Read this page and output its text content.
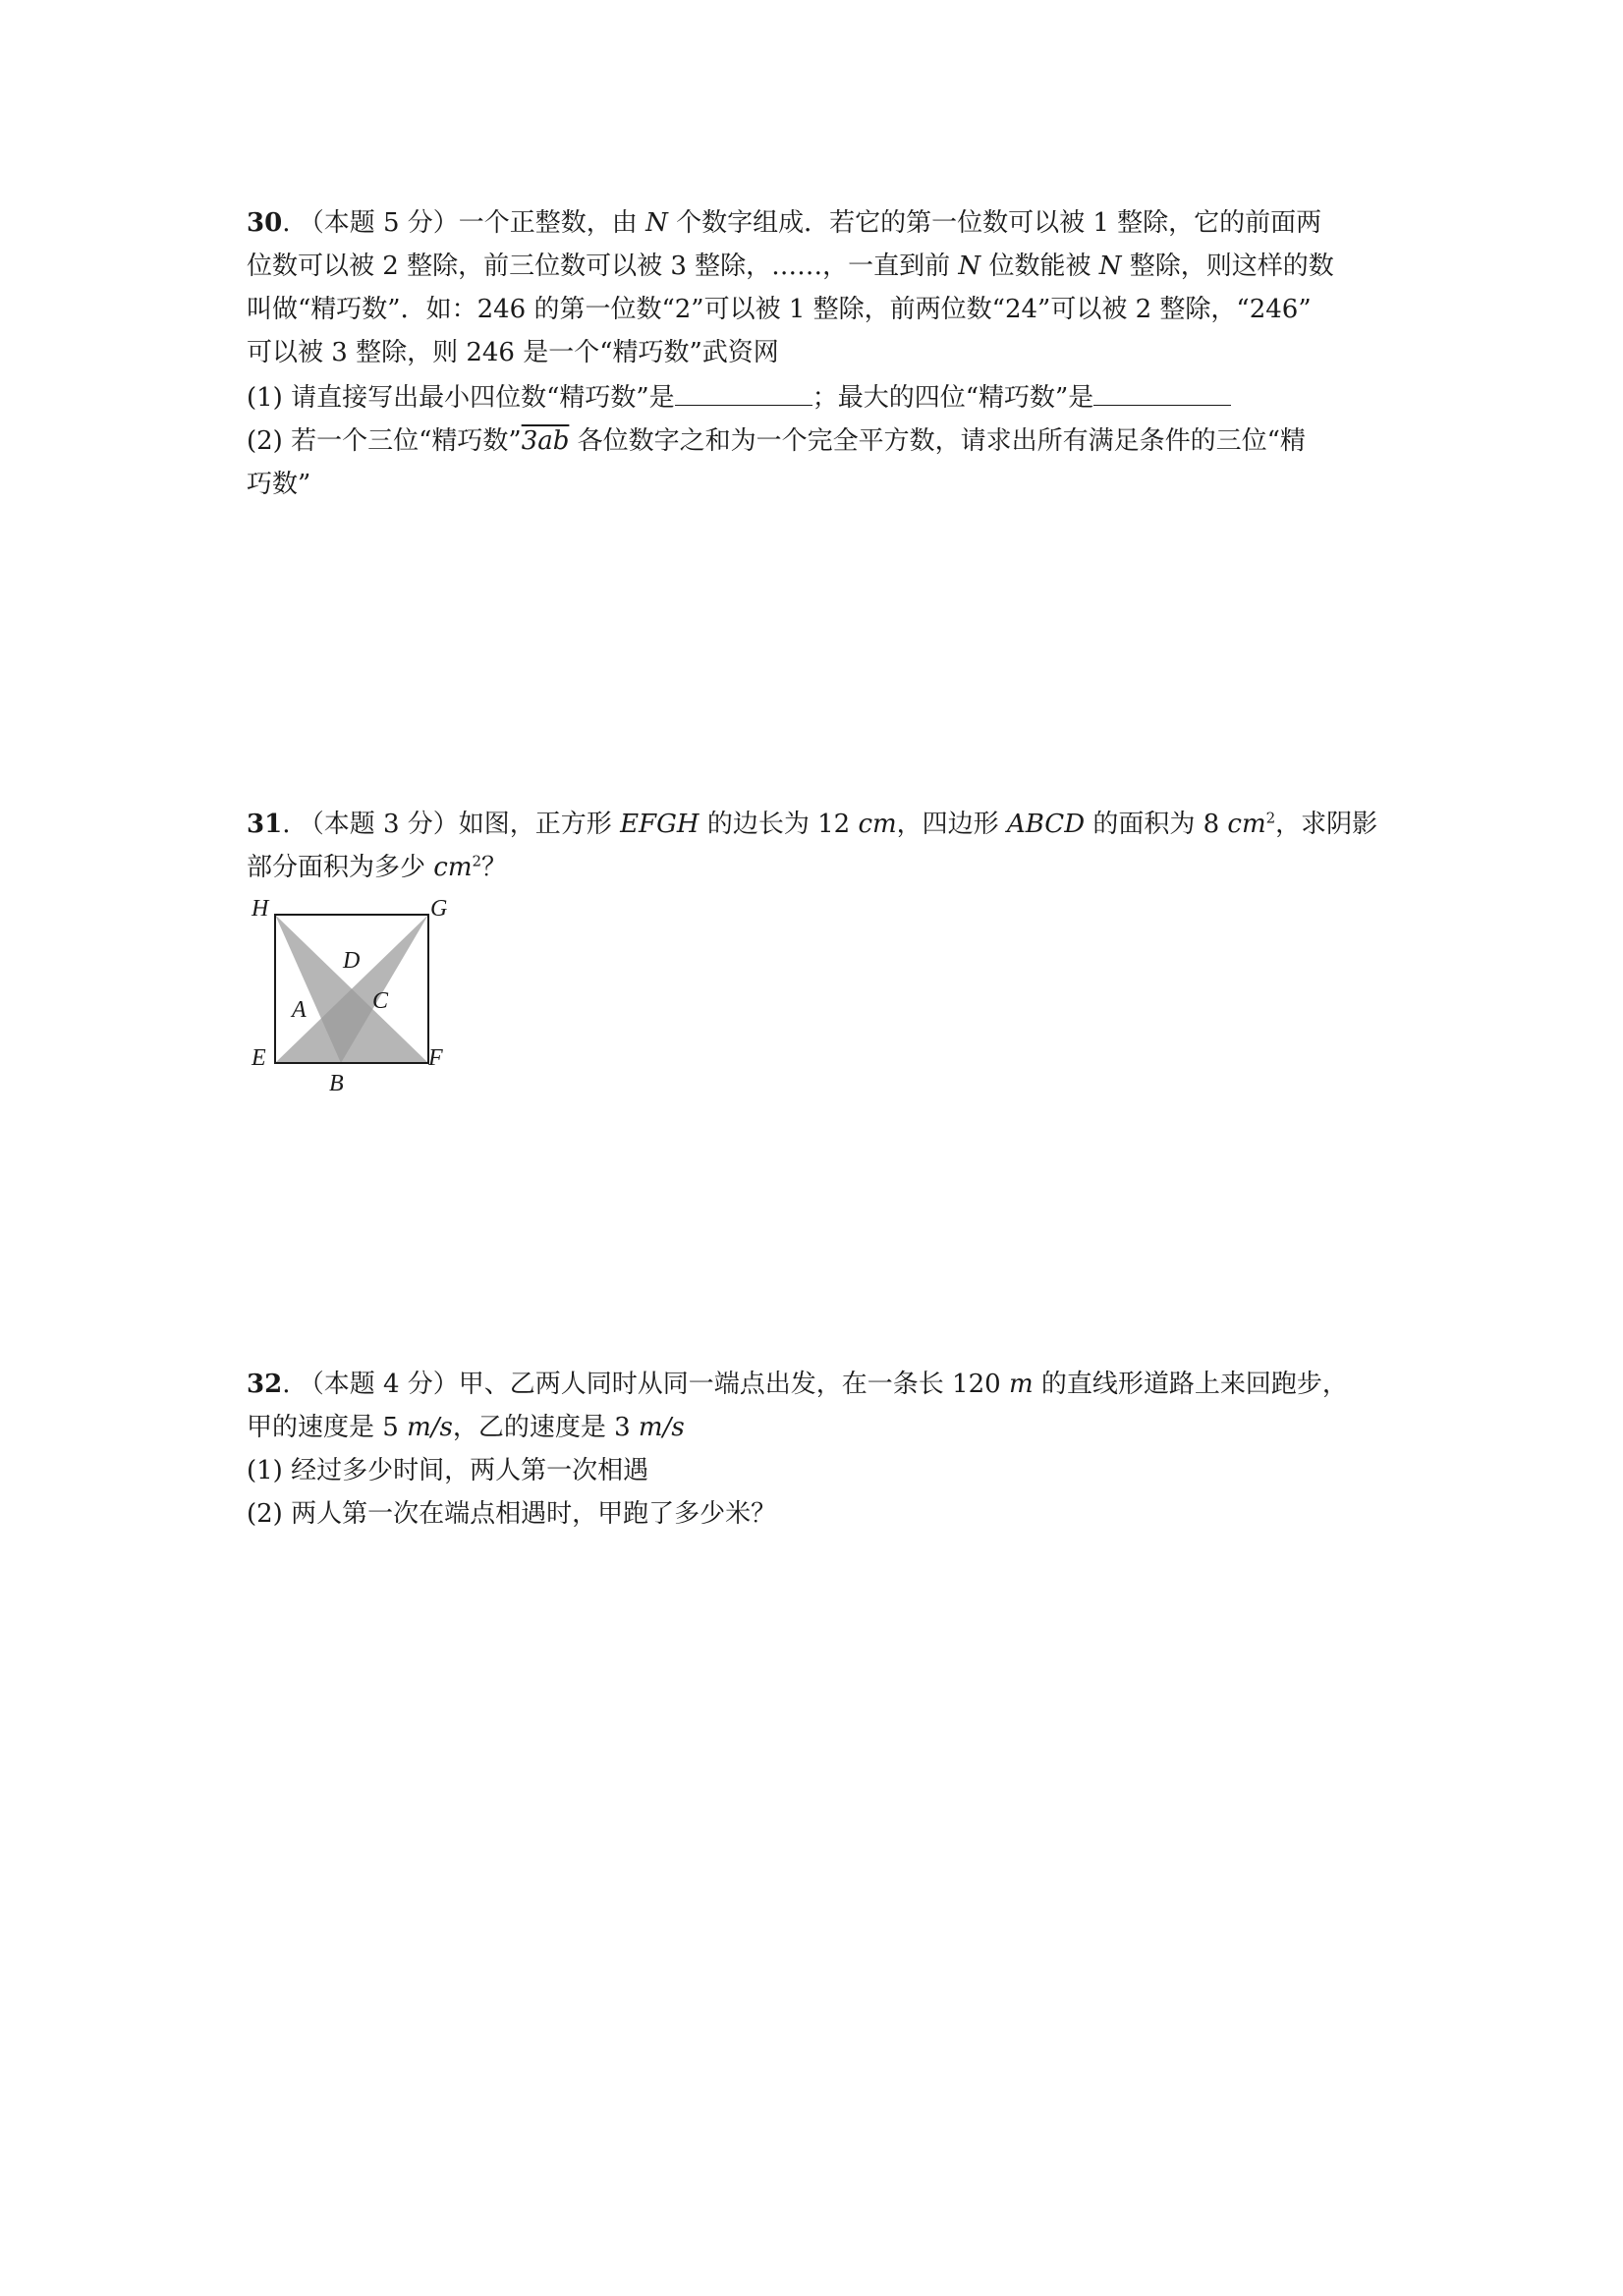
30. （本题 5 分）一个正整数，由 N 个数字组成．若它的第一位数可以被 1 整除，它的前面两
位数可以被 2 整除，前三位数可以被 3 整除，……，一直到前 N 位数能被 N 整除，则这样的数
叫做“精巧数”．如：246 的第一位数“2”可以被 1 整除，前两位数“24”可以被 2 整除，“246”
可以被 3 整除，则 246 是一个“精巧数”武资网
(1) 请直接写出最小四位数“精巧数”是	；最大的四位“精巧数”是
(2) 若一个三位“精巧数”3ab 各位数字之和为一个完全平方数，请求出所有满足条件的三位“精
巧数”
31. （本题 3 分）如图，正方形 EFGH 的边长为 12 cm，四边形 ABCD 的面积为 8 $cm^2$，求阴影
部分面积为多少 $cm^2$？
H	G
D
A	C
E
B
F
32. （本题 4 分）甲、乙两人同时从同一端点出发，在一条长 120 m 的直线形道路上来回跑步，
甲的速度是 5 m/s，乙的速度是 3 m/s
(1) 经过多少时间，两人第一次相遇
(2) 两人第一次在端点相遇时，甲跑了多少米？
